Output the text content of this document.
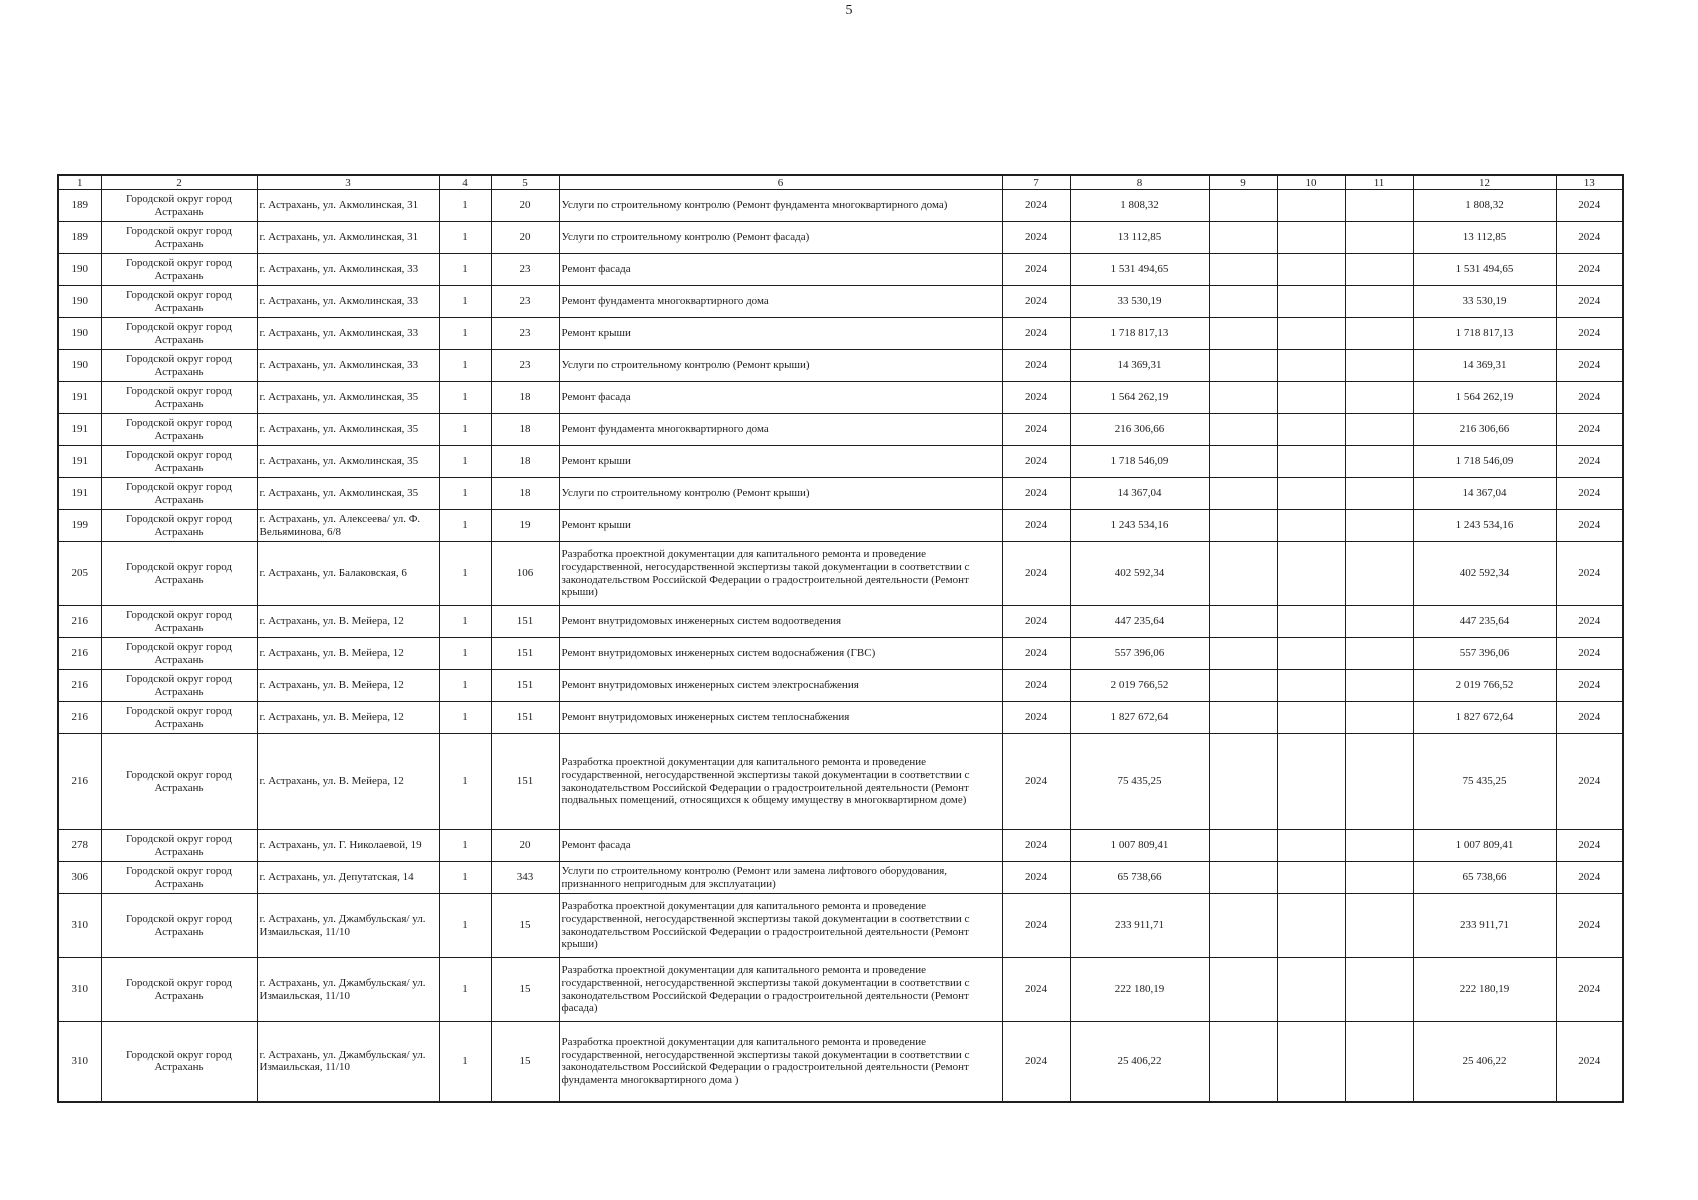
5
1	2	3	4	5	6	7	8	9	10	11	12	13
189	Городской округ город Астрахань	г. Астрахань, ул. Акмолинская, 31	1	20	Услуги по строительному контролю (Ремонт фундамента многоквартирного дома)	2024	1 808,32				1 808,32	2024
189	Городской округ город Астрахань	г. Астрахань, ул. Акмолинская, 31	1	20	Услуги по строительному контролю (Ремонт фасада)	2024	13 112,85				13 112,85	2024
190	Городской округ город Астрахань	г. Астрахань, ул. Акмолинская, 33	1	23	Ремонт фасада	2024	1 531 494,65				1 531 494,65	2024
190	Городской округ город Астрахань	г. Астрахань, ул. Акмолинская, 33	1	23	Ремонт фундамента многоквартирного дома	2024	33 530,19				33 530,19	2024
190	Городской округ город Астрахань	г. Астрахань, ул. Акмолинская, 33	1	23	Ремонт крыши	2024	1 718 817,13				1 718 817,13	2024
190	Городской округ город Астрахань	г. Астрахань, ул. Акмолинская, 33	1	23	Услуги по строительному контролю (Ремонт крыши)	2024	14 369,31				14 369,31	2024
191	Городской округ город Астрахань	г. Астрахань, ул. Акмолинская, 35	1	18	Ремонт фасада	2024	1 564 262,19				1 564 262,19	2024
191	Городской округ город Астрахань	г. Астрахань, ул. Акмолинская, 35	1	18	Ремонт фундамента многоквартирного дома	2024	216 306,66				216 306,66	2024
191	Городской округ город Астрахань	г. Астрахань, ул. Акмолинская, 35	1	18	Ремонт крыши	2024	1 718 546,09				1 718 546,09	2024
191	Городской округ город Астрахань	г. Астрахань, ул. Акмолинская, 35	1	18	Услуги по строительному контролю (Ремонт крыши)	2024	14 367,04				14 367,04	2024
199	Городской округ город Астрахань	г. Астрахань, ул. Алексеева/ ул. Ф. Вельяминова, 6/8	1	19	Ремонт крыши	2024	1 243 534,16				1 243 534,16	2024
205	Городской округ город Астрахань	г. Астрахань, ул. Балаковская, 6	1	106	Разработка проектной документации для капитального ремонта и проведение государственной, негосударственной экспертизы такой документации в соответствии с законодательством Российской Федерации о градостроительной деятельности (Ремонт крыши)	2024	402 592,34				402 592,34	2024
216	Городской округ город Астрахань	г. Астрахань, ул. В. Мейера, 12	1	151	Ремонт внутридомовых инженерных систем водоотведения	2024	447 235,64				447 235,64	2024
216	Городской округ город Астрахань	г. Астрахань, ул. В. Мейера, 12	1	151	Ремонт внутридомовых инженерных систем водоснабжения (ГВС)	2024	557 396,06				557 396,06	2024
216	Городской округ город Астрахань	г. Астрахань, ул. В. Мейера, 12	1	151	Ремонт внутридомовых инженерных систем электроснабжения	2024	2 019 766,52				2 019 766,52	2024
216	Городской округ город Астрахань	г. Астрахань, ул. В. Мейера, 12	1	151	Ремонт внутридомовых инженерных систем теплоснабжения	2024	1 827 672,64				1 827 672,64	2024
216	Городской округ город Астрахань	г. Астрахань, ул. В. Мейера, 12	1	151	Разработка проектной документации для капитального ремонта и проведение государственной, негосударственной экспертизы такой документации в соответствии с законодательством Российской Федерации о градостроительной деятельности (Ремонт подвальных помещений, относящихся к общему имуществу в многоквартирном доме)	2024	75 435,25				75 435,25	2024
278	Городской округ город Астрахань	г. Астрахань, ул. Г. Николаевой, 19	1	20	Ремонт фасада	2024	1 007 809,41				1 007 809,41	2024
306	Городской округ город Астрахань	г. Астрахань, ул. Депутатская, 14	1	343	Услуги по строительному контролю (Ремонт или замена лифтового оборудования, признанного непригодным для эксплуатации)	2024	65 738,66				65 738,66	2024
310	Городской округ город Астрахань	г. Астрахань, ул. Джамбульская/ ул. Измаильская, 11/10	1	15	Разработка проектной документации для капитального ремонта и проведение государственной, негосударственной экспертизы такой документации в соответствии с законодательством Российской Федерации о градостроительной деятельности (Ремонт крыши)	2024	233 911,71				233 911,71	2024
310	Городской округ город Астрахань	г. Астрахань, ул. Джамбульская/ ул. Измаильская, 11/10	1	15	Разработка проектной документации для капитального ремонта и проведение государственной, негосударственной экспертизы такой документации в соответствии с законодательством Российской Федерации о градостроительной деятельности (Ремонт фасада)	2024	222 180,19				222 180,19	2024
310	Городской округ город Астрахань	г. Астрахань, ул. Джамбульская/ ул. Измаильская, 11/10	1	15	Разработка проектной документации для капитального ремонта и проведение государственной, негосударственной экспертизы такой документации в соответствии с законодательством Российской Федерации о градостроительной деятельности (Ремонт фундамента многоквартирного дома )	2024	25 406,22				25 406,22	2024
